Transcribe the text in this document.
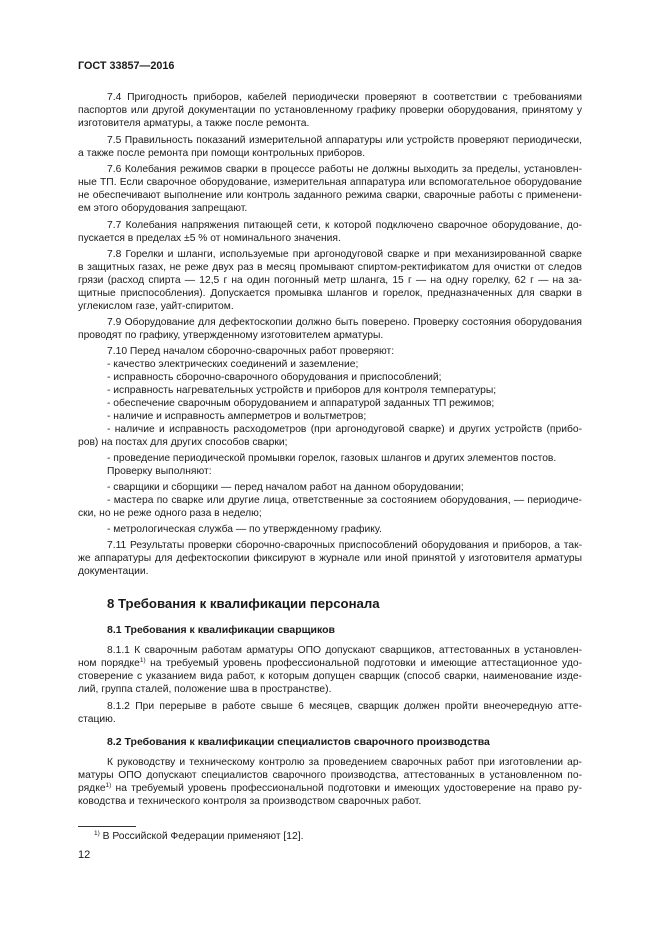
ГОСТ 33857—2016
7.4 Пригодность приборов, кабелей периодически проверяют в соответствии с требованиями
паспортов или другой документации по установленному графику проверки оборудования, принятому у
изготовителя арматуры, а также после ремонта.
7.5 Правильность показаний измерительной аппаратуры или устройств проверяют периодически,
а также после ремонта при помощи контрольных приборов.
7.6 Колебания режимов сварки в процессе работы не должны выходить за пределы, установлен-
ные ТП. Если сварочное оборудование, измерительная аппаратура или вспомогательное оборудование
не обеспечивают выполнение или контроль заданного режима сварки, сварочные работы с применени-
ем этого оборудования запрещают.
7.7 Колебания напряжения питающей сети, к которой подключено сварочное оборудование, до-
пускается в пределах ±5 % от номинального значения.
7.8 Горелки и шланги, используемые при аргонодуговой сварке и при механизированной сварке
в защитных газах, не реже двух раз в месяц промывают спиртом-ректификатом для очистки от следов
грязи (расход спирта — 12,5 г на один погонный метр шланга, 15 г — на одну горелку, 62 г — на за-
щитные приспособления). Допускается промывка шлангов и горелок, предназначенных для сварки в
углекислом газе, уайт-спиритом.
7.9 Оборудование для дефектоскопии должно быть поверено. Проверку состояния оборудования
проводят по графику, утвержденному изготовителем арматуры.
7.10 Перед началом сборочно-сварочных работ проверяют:
- качество электрических соединений и заземление;
- исправность сборочно-сварочного оборудования и приспособлений;
- исправность нагревательных устройств и приборов для контроля температуры;
- обеспечение сварочным оборудованием и аппаратурой заданных ТП режимов;
- наличие и исправность амперметров и вольтметров;
- наличие и исправность расходометров (при аргонодуговой сварке) и других устройств (прибо-
ров) на постах для других способов сварки;
- проведение периодической промывки горелок, газовых шлангов и других элементов постов.
Проверку выполняют:
- сварщики и сборщики — перед началом работ на данном оборудовании;
- мастера по сварке или другие лица, ответственные за состоянием оборудования, — периодиче-
ски, но не реже одного раза в неделю;
- метрологическая служба — по утвержденному графику.
7.11 Результаты проверки сборочно-сварочных приспособлений оборудования и приборов, а так-
же аппаратуры для дефектоскопии фиксируют в журнале или иной принятой у изготовителя арматуры
документации.
8 Требования к квалификации персонала
8.1 Требования к квалификации сварщиков
8.1.1 К сварочным работам арматуры ОПО допускают сварщиков, аттестованных в установлен-
ном порядке$^{1)}$ на требуемый уровень профессиональной подготовки и имеющие аттестационное удо-
стоверение с указанием вида работ, к которым допущен сварщик (способ сварки, наименование изде-
лий, группа сталей, положение шва в пространстве).
8.1.2 При перерыве в работе свыше 6 месяцев, сварщик должен пройти внеочередную атте-
стацию.
8.2 Требования к квалификации специалистов сварочного производства
К руководству и техническому контролю за проведением сварочных работ при изготовлении ар-
матуры ОПО допускают специалистов сварочного производства, аттестованных в установленном по-
рядке$^{1)}$ на требуемый уровень профессиональной подготовки и имеющих удостоверение на право ру-
ководства и технического контроля за производством сварочных работ.
$^{1)}$ В Российской Федерации применяют [12].
12
